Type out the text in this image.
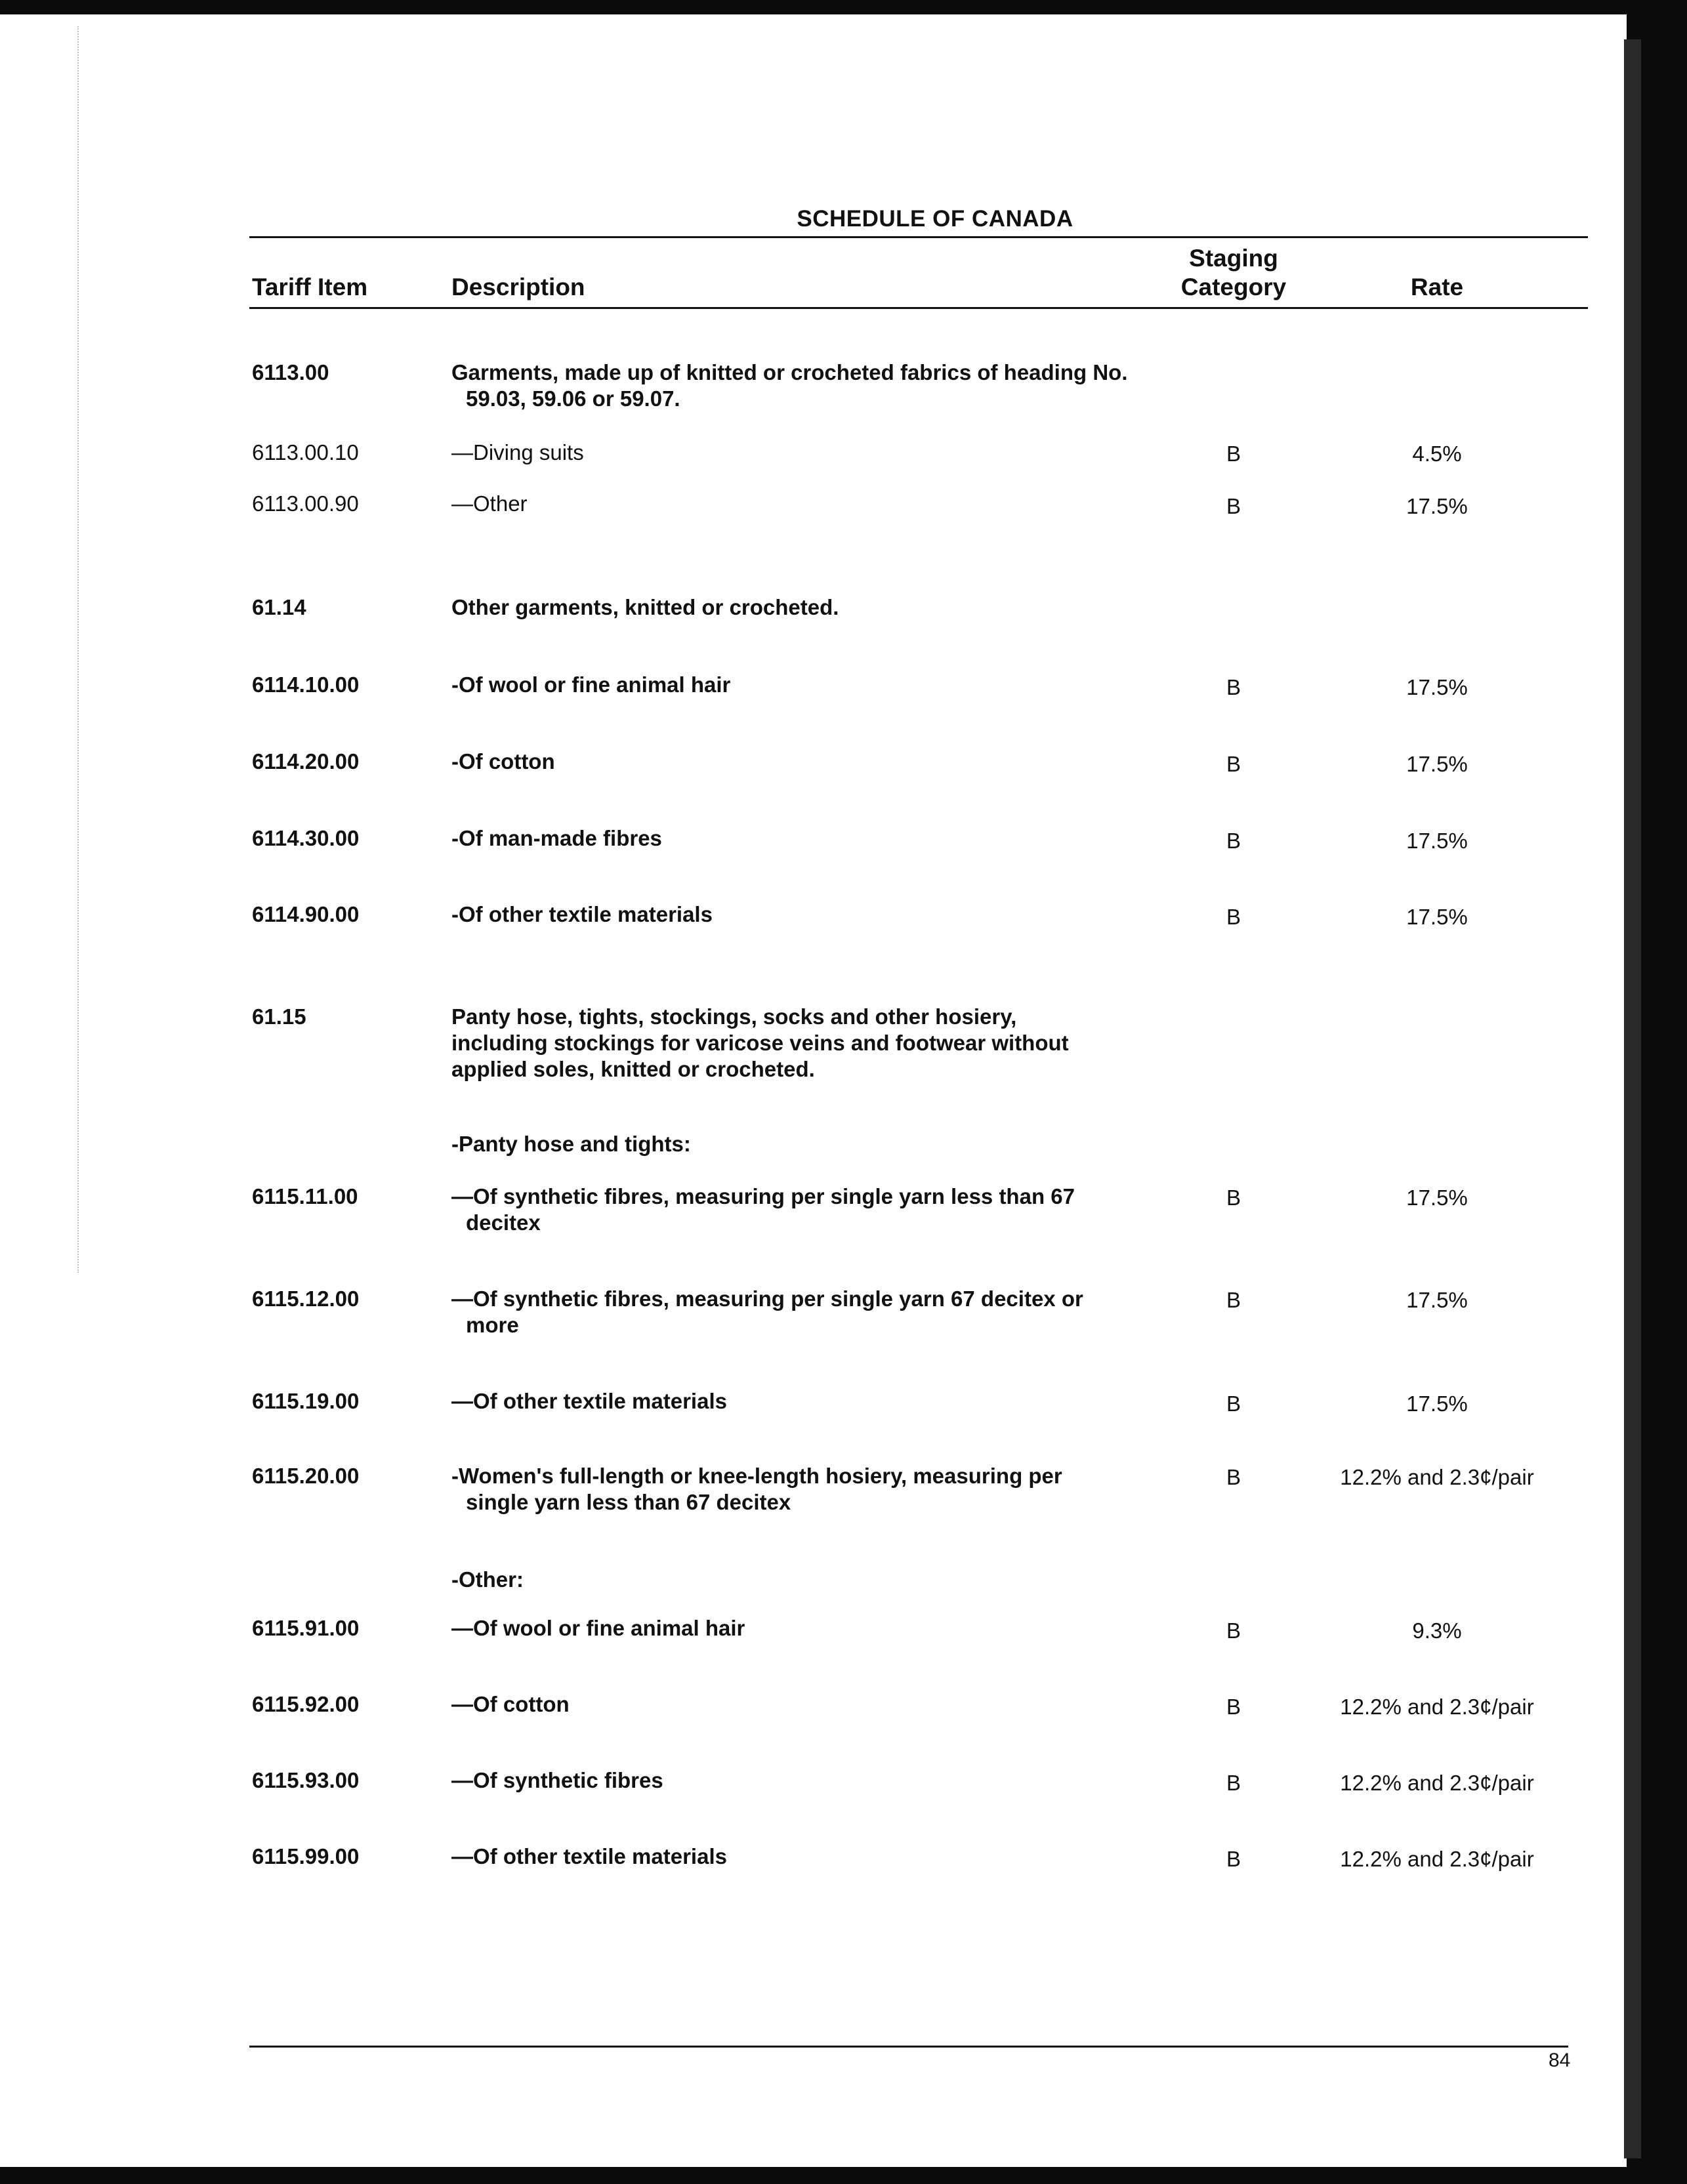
SCHEDULE OF CANADA
Tariff Item	Description
Staging
Category	Rate
6113.00	Garments, made up of knitted or crocheted fabrics of heading No.
59.03, 59.06 or 59.07.
6113.00.10	—Diving suits	B	4.5%
6113.00.90	—Other	B	17.5%
61.14	Other garments, knitted or crocheted.
6114.10.00	-Of wool or fine animal hair	B	17.5%
6114.20.00	-Of cotton	B	17.5%
6114.30.00	-Of man-made fibres	B	17.5%
6114.90.00	-Of other textile materials	B	17.5%
61.15	Panty hose, tights, stockings, socks and other hosiery,
including stockings for varicose veins and footwear without
applied soles, knitted or crocheted.
-Panty hose and tights:
6115.11.00	—Of synthetic fibres, measuring per single yarn less than 67
decitex
B	17.5%
6115.12.00	—Of synthetic fibres, measuring per single yarn 67 decitex or
more
B	17.5%
6115.19.00	—Of other textile materials	B	17.5%
6115.20.00	-Women's full-length or knee-length hosiery, measuring per
single yarn less than 67 decitex
B	12.2% and 2.3¢/pair
-Other:
6115.91.00	—Of wool or fine animal hair	B	9.3%
6115.92.00	—Of cotton	B	12.2% and 2.3¢/pair
6115.93.00	—Of synthetic fibres	B	12.2% and 2.3¢/pair
6115.99.00	—Of other textile materials	B	12.2% and 2.3¢/pair
84
